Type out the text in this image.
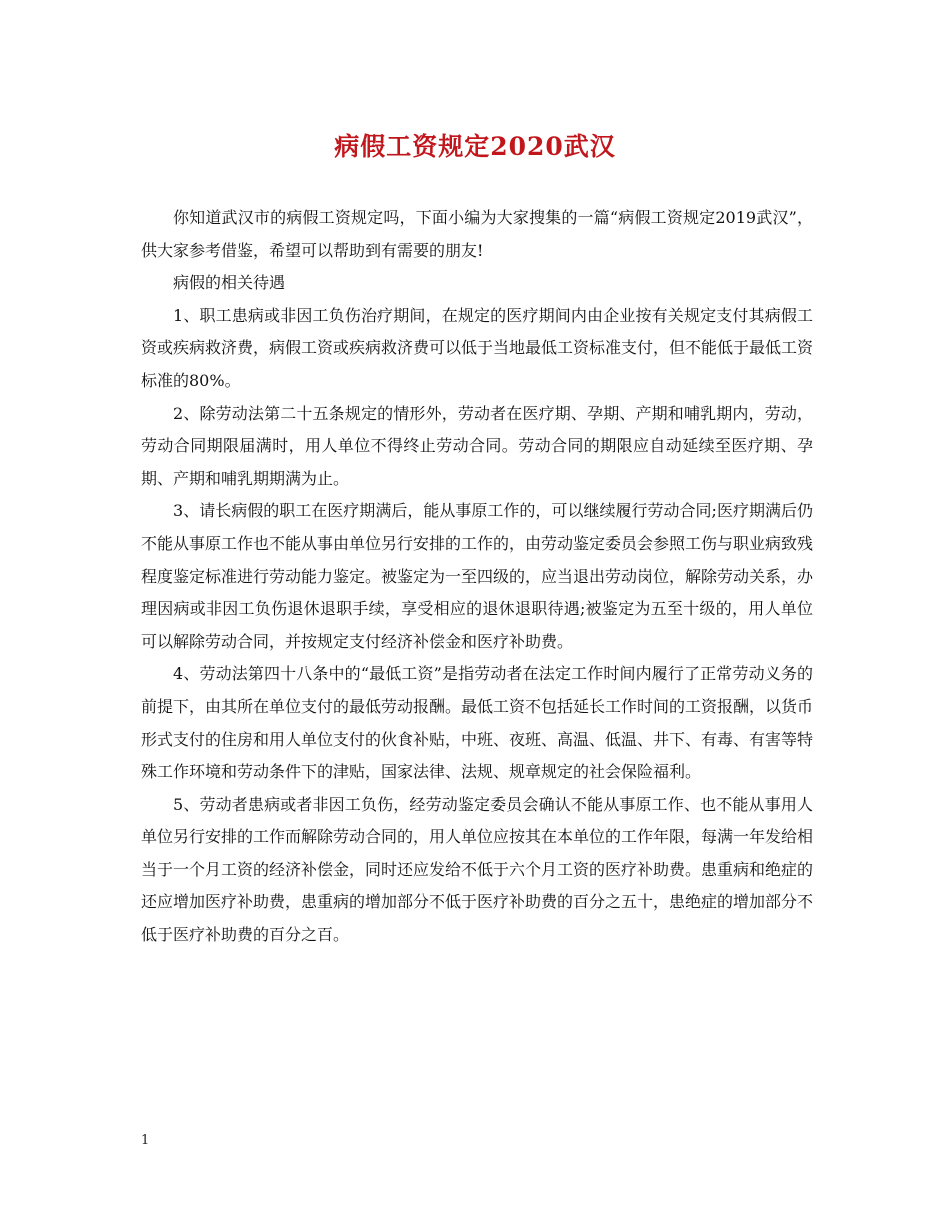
病假工资规定2020武汉

你知道武汉市的病假工资规定吗，下面小编为大家搜集的一篇“病假工资规定2019武汉”，供大家参考借鉴，希望可以帮助到有需要的朋友!

病假的相关待遇

1、职工患病或非因工负伤治疗期间，在规定的医疗期间内由企业按有关规定支付其病假工资或疾病救济费，病假工资或疾病救济费可以低于当地最低工资标准支付，但不能低于最低工资标准的80%。

2、除劳动法第二十五条规定的情形外，劳动者在医疗期、孕期、产期和哺乳期内，劳动，劳动合同期限届满时，用人单位不得终止劳动合同。劳动合同的期限应自动延续至医疗期、孕期、产期和哺乳期期满为止。

3、请长病假的职工在医疗期满后，能从事原工作的，可以继续履行劳动合同;医疗期满后仍不能从事原工作也不能从事由单位另行安排的工作的，由劳动鉴定委员会参照工伤与职业病致残程度鉴定标准进行劳动能力鉴定。被鉴定为一至四级的，应当退出劳动岗位，解除劳动关系，办理因病或非因工负伤退休退职手续，享受相应的退休退职待遇;被鉴定为五至十级的，用人单位可以解除劳动合同，并按规定支付经济补偿金和医疗补助费。

4、劳动法第四十八条中的“最低工资”是指劳动者在法定工作时间内履行了正常劳动义务的前提下，由其所在单位支付的最低劳动报酬。最低工资不包括延长工作时间的工资报酬，以货币形式支付的住房和用人单位支付的伙食补贴，中班、夜班、高温、低温、井下、有毒、有害等特殊工作环境和劳动条件下的津贴，国家法律、法规、规章规定的社会保险福利。

5、劳动者患病或者非因工负伤，经劳动鉴定委员会确认不能从事原工作、也不能从事用人单位另行安排的工作而解除劳动合同的，用人单位应按其在本单位的工作年限，每满一年发给相当于一个月工资的经济补偿金，同时还应发给不低于六个月工资的医疗补助费。患重病和绝症的还应增加医疗补助费，患重病的增加部分不低于医疗补助费的百分之五十，患绝症的增加部分不低于医疗补助费的百分之百。

1
